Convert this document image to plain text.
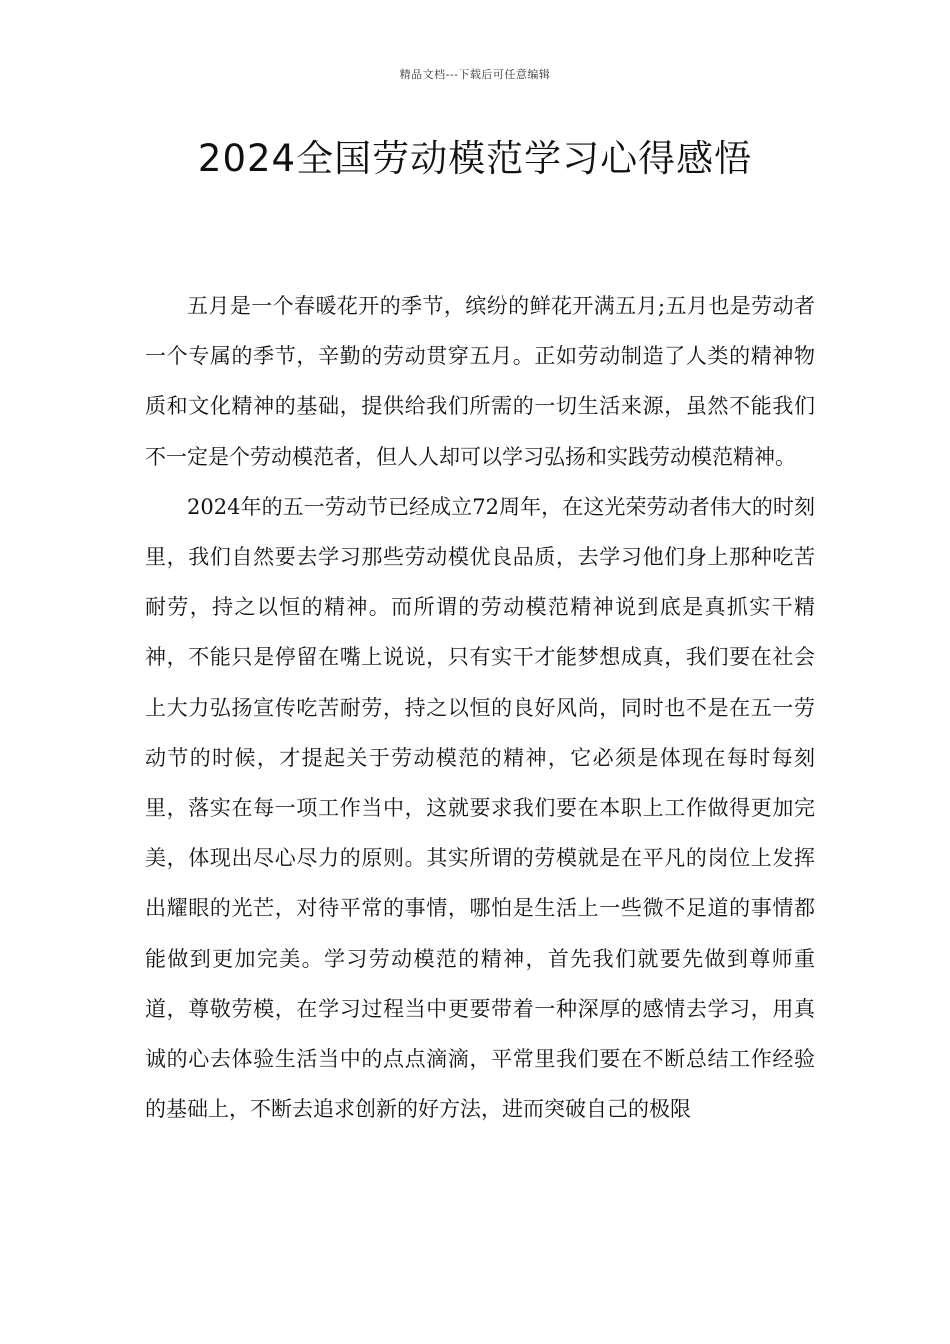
精品文档---下载后可任意编辑
2024全国劳动模范学习心得感悟

五月是一个春暖花开的季节，缤纷的鲜花开满五月;五月也是劳动者一个专属的季节，辛勤的劳动贯穿五月。正如劳动制造了人类的精神物质和文化精神的基础，提供给我们所需的一切生活来源，虽然不能我们不一定是个劳动模范者，但人人却可以学习弘扬和实践劳动模范精神。

2024年的五一劳动节已经成立72周年，在这光荣劳动者伟大的时刻里，我们自然要去学习那些劳动模优良品质，去学习他们身上那种吃苦耐劳，持之以恒的精神。而所谓的劳动模范精神说到底是真抓实干精神，不能只是停留在嘴上说说，只有实干才能梦想成真，我们要在社会上大力弘扬宣传吃苦耐劳，持之以恒的良好风尚，同时也不是在五一劳动节的时候，才提起关于劳动模范的精神，它必须是体现在每时每刻里，落实在每一项工作当中，这就要求我们要在本职上工作做得更加完美，体现出尽心尽力的原则。其实所谓的劳模就是在平凡的岗位上发挥出耀眼的光芒，对待平常的事情，哪怕是生活上一些微不足道的事情都能做到更加完美。学习劳动模范的精神，首先我们就要先做到尊师重道，尊敬劳模，在学习过程当中更要带着一种深厚的感情去学习，用真诚的心去体验生活当中的点点滴滴，平常里我们要在不断总结工作经验的基础上，不断去追求创新的好方法，进而突破自己的极限
